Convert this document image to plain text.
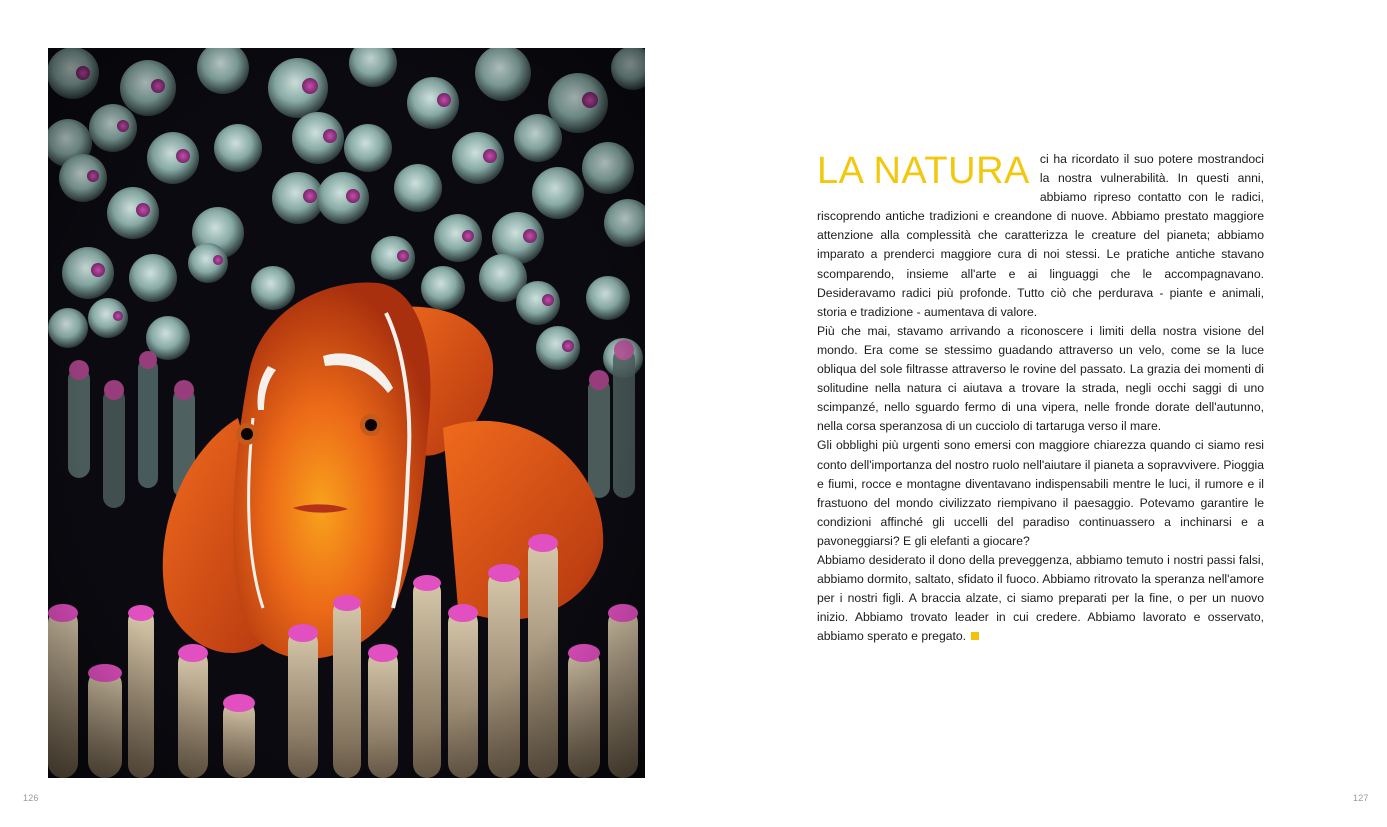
126

LA NATURA ci ha ricordato il suo potere mostrandoci la nostra vulnerabilità. In questi anni, abbiamo ripreso contatto con le radici, riscoprendo antiche tradizioni e creandone di nuove. Abbiamo prestato maggiore attenzione alla complessità che caratterizza le creature del pianeta; abbiamo imparato a prenderci maggiore cura di noi stessi. Le pratiche antiche stavano scomparendo, insieme all'arte e ai linguaggi che le accompagnavano. Desideravamo radici più profonde. Tutto ciò che perdurava - piante e animali, storia e tradizione - aumentava di valore.

Più che mai, stavamo arrivando a riconoscere i limiti della nostra visione del mondo. Era come se stessimo guadando attraverso un velo, come se la luce obliqua del sole filtrasse attraverso le rovine del passato. La grazia dei momenti di solitudine nella natura ci aiutava a trovare la strada, negli occhi saggi di uno scimpanzé, nello sguardo fermo di una vipera, nelle fronde dorate dell'autunno, nella corsa speranzosa di un cucciolo di tartaruga verso il mare.

Gli obblighi più urgenti sono emersi con maggiore chiarezza quando ci siamo resi conto dell'importanza del nostro ruolo nell'aiutare il pianeta a sopravvivere. Pioggia e fiumi, rocce e montagne diventavano indispensabili mentre le luci, il rumore e il frastuono del mondo civilizzato riempivano il paesaggio. Potevamo garantire le condizioni affinché gli uccelli del paradiso continuassero a inchinarsi e a pavoneggiarsi? E gli elefanti a giocare?

Abbiamo desiderato il dono della preveggenza, abbiamo temuto i nostri passi falsi, abbiamo dormito, saltato, sfidato il fuoco. Abbiamo ritrovato la speranza nell'amore per i nostri figli. A braccia alzate, ci siamo preparati per la fine, o per un nuovo inizio. Abbiamo trovato leader in cui credere. Abbiamo lavorato e osservato, abbiamo sperato e pregato.

127
